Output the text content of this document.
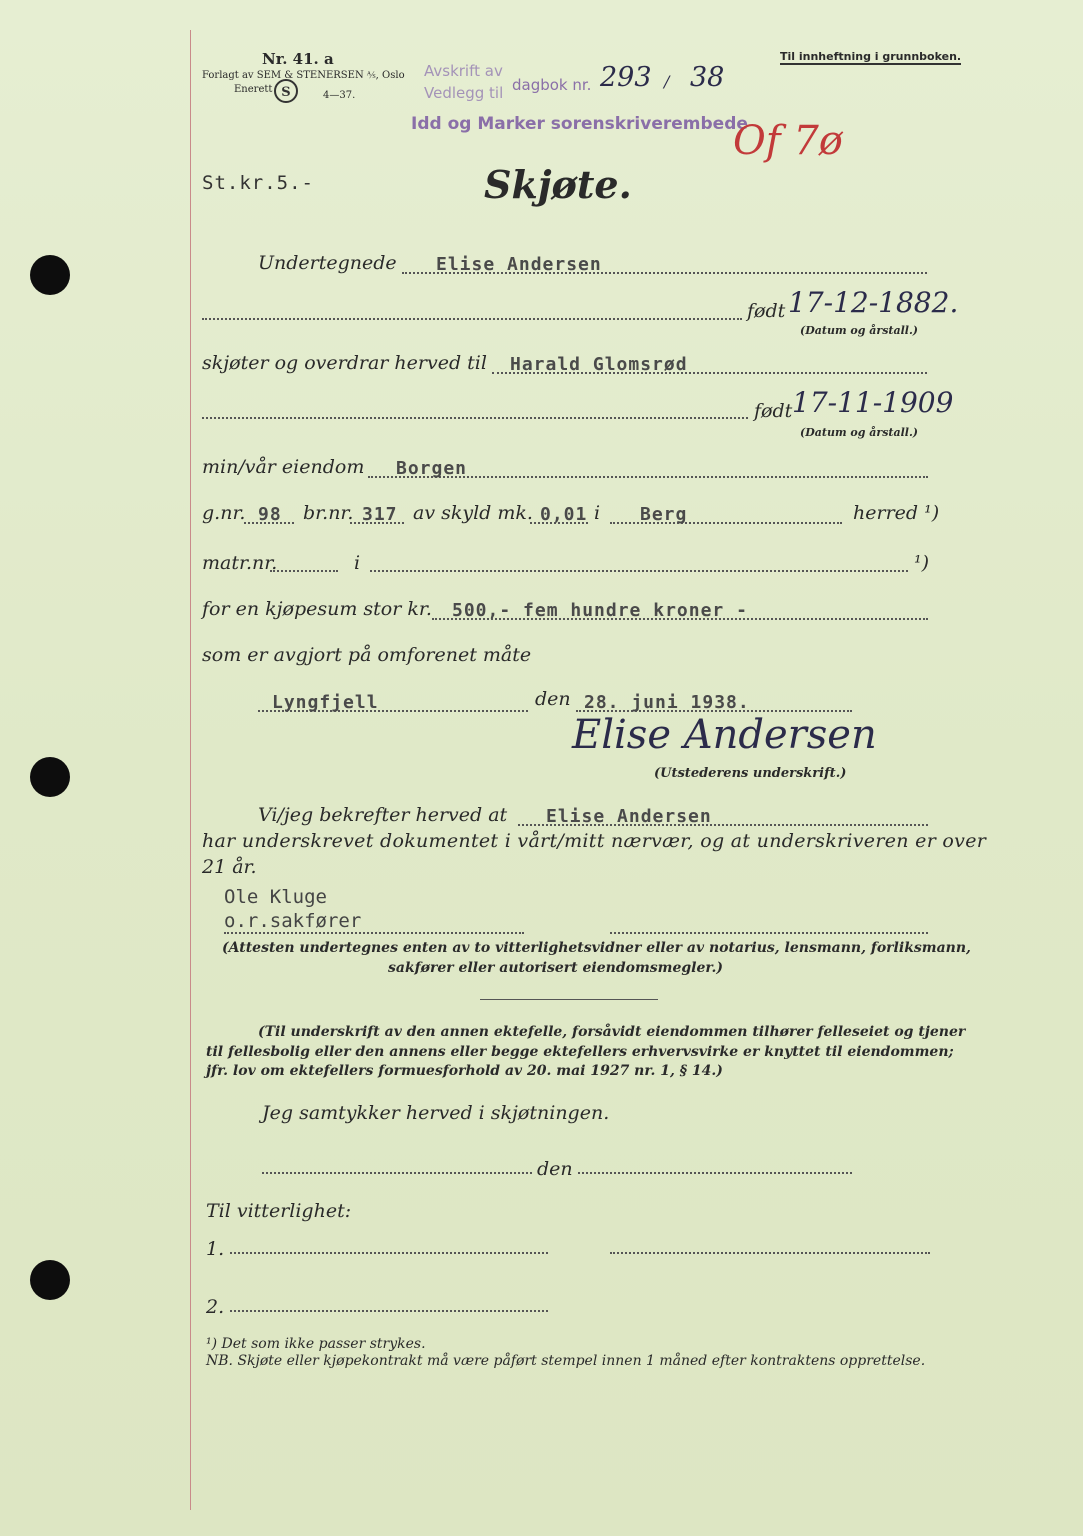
Nr. 41. a
Forlagt av SEM & STENERSEN ⅍, Oslo
Enerett S	4—37.
Til innheftning i grunnboken.
Avskrift av
Vedlegg til dagbok nr. 293 / 38
Idd og Marker sorenskriverembede
Of 7ø
St.kr.5.-	Skjøte.
Undertegnede Elise Andersen
født 17-12-1882.
(Datum og årstall.)
skjøter og overdrar herved til Harald Glomsrød
født 17-11-1909
(Datum og årstall.)
min/vår eiendom Borgen
g.nr. 98 br.nr. 317 av skyld mk. 0,01 i Berg	herred ¹)
matr.nr.	i	¹)
for en kjøpesum stor kr. 500,- fem hundre kroner -
som er avgjort på omforenet måte
Lyngfjell	den 28. juni 1938.
Elise Andersen
(Utstederens underskrift.)
Vi/jeg bekrefter herved at Elise Andersen
har underskrevet dokumentet i vårt/mitt nærvær, og at underskriveren er over
21 år.
Ole Kluge
o.r.sakfører
(Attesten undertegnes enten av to vitterlighetsvidner eller av notarius, lensmann, forliksmann,
sakfører eller autorisert eiendomsmegler.)
(Til underskrift av den annen ektefelle, forsåvidt eiendommen tilhører felleseiet og tjener
til fellesbolig eller den annens eller begge ektefellers erhvervsvirke er knyttet til eiendommen;
jfr. lov om ektefellers formuesforhold av 20. mai 1927 nr. 1, § 14.)
Jeg samtykker herved i skjøtningen.
den
Til vitterlighet:
1.
2.
¹) Det som ikke passer strykes.
NB. Skjøte eller kjøpekontrakt må være påført stempel innen 1 måned efter kontraktens opprettelse.
